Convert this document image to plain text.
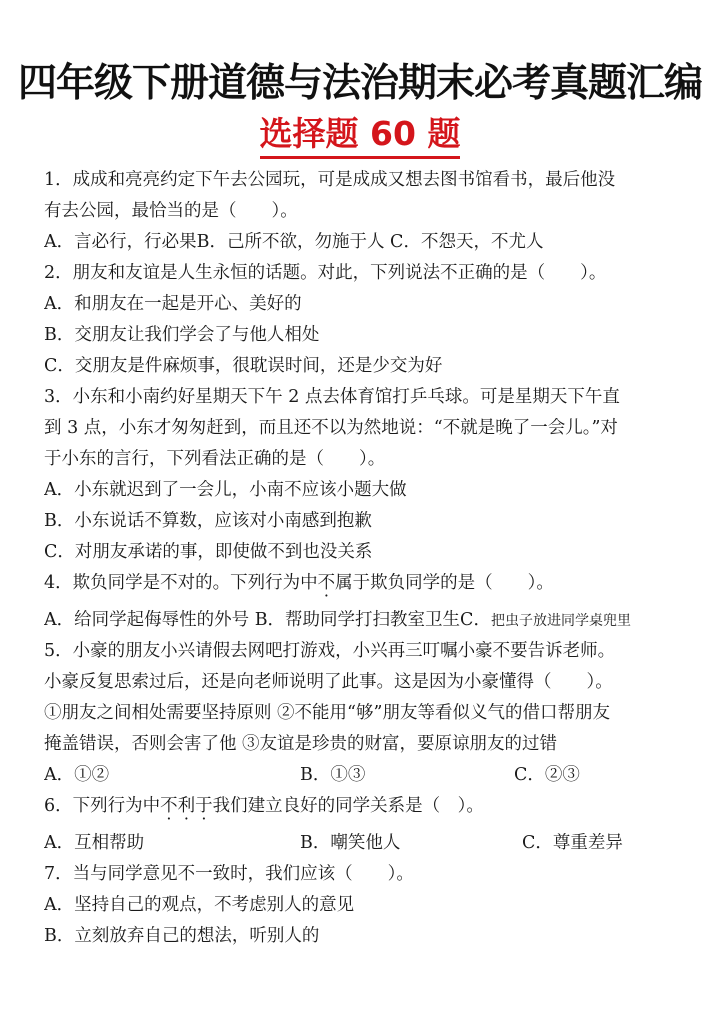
四年级下册道德与法治期末必考真题汇编
选择题 60 题
1．成成和亮亮约定下午去公园玩，可是成成又想去图书馆看书，最后他没
有去公园，最恰当的是（　　）。
A．言必行，行必果B．己所不欲，勿施于人 C．不怨天，不尤人
2．朋友和友谊是人生永恒的话题。对此，下列说法不正确的是（　　）。
A．和朋友在一起是开心、美好的
B．交朋友让我们学会了与他人相处
C．交朋友是件麻烦事，很耽误时间，还是少交为好
3．小东和小南约好星期天下午 2 点去体育馆打乒乓球。可是星期天下午直
到 3 点，小东才匆匆赶到，而且还不以为然地说：“不就是晚了一会儿。”对
于小东的言行，下列看法正确的是（　　）。
A．小东就迟到了一会儿，小南不应该小题大做
B．小东说话不算数，应该对小南感到抱歉
C．对朋友承诺的事，即使做不到也没关系
4．欺负同学是不对的。下列行为中不属于欺负同学的是（　　）。
A．给同学起侮辱性的外号 B．帮助同学打扫教室卫生C．把虫子放进同学桌兜里
5．小豪的朋友小兴请假去网吧打游戏，小兴再三叮嘱小豪不要告诉老师。
小豪反复思索过后，还是向老师说明了此事。这是因为小豪懂得（　　）。
①朋友之间相处需要坚持原则 ②不能用“够”朋友等看似义气的借口帮朋友
掩盖错误，否则会害了他 ③友谊是珍贵的财富，要原谅朋友的过错
A．①②	B．①③	C．②③
6．下列行为中不利于我们建立良好的同学关系是（　）。
A．互相帮助	B．嘲笑他人	C．尊重差异
7．当与同学意见不一致时，我们应该（　　）。
A．坚持自己的观点，不考虑别人的意见
B．立刻放弃自己的想法，听别人的
